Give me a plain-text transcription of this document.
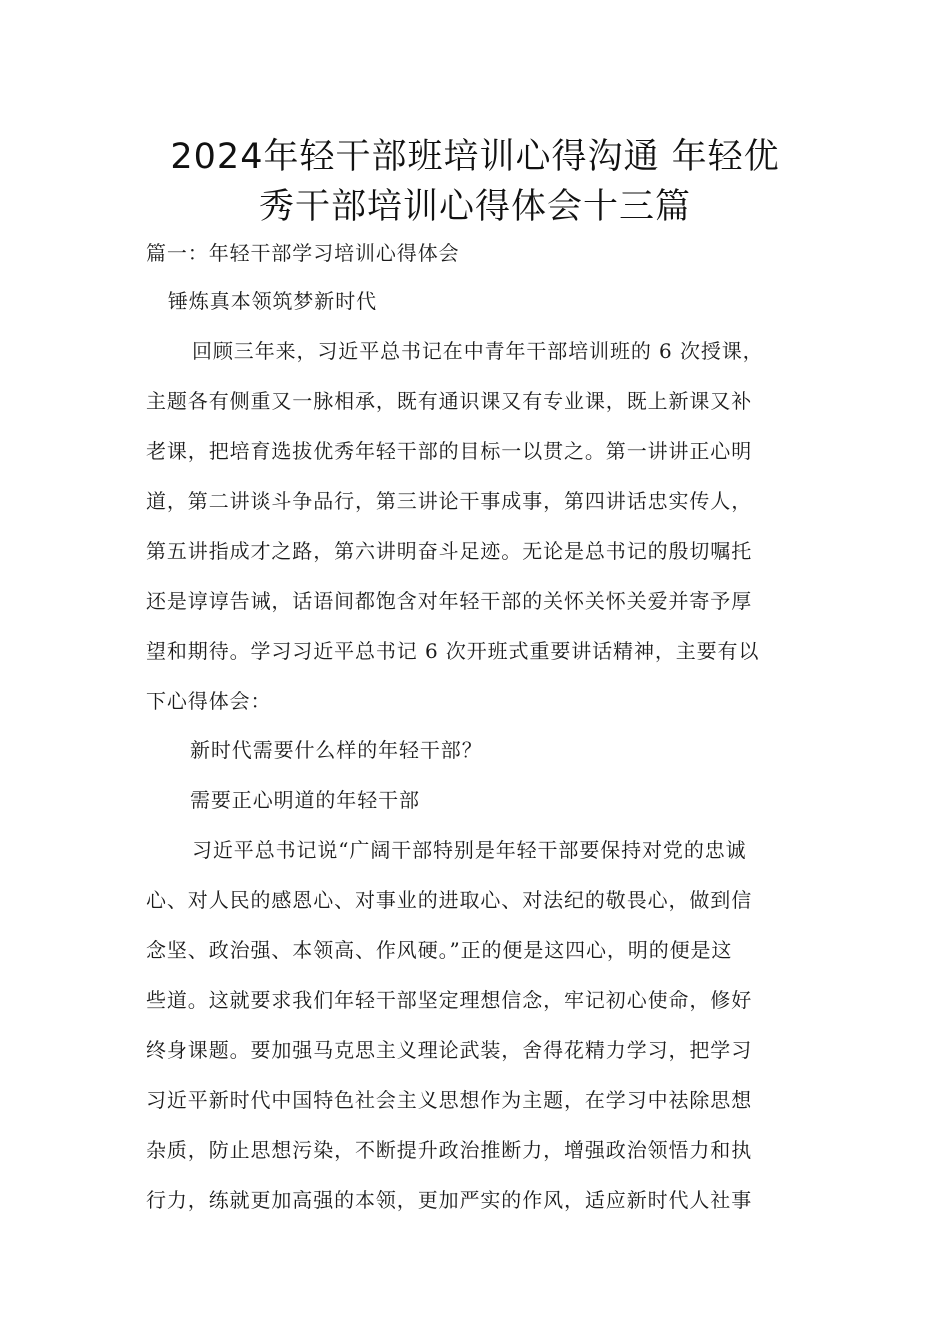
2024年轻干部班培训心得沟通 年轻优
秀干部培训心得体会十三篇
篇一：年轻干部学习培训心得体会
锤炼真本领筑梦新时代
回顾三年来，习近平总书记在中青年干部培训班的 6 次授课，
主题各有侧重又一脉相承，既有通识课又有专业课，既上新课又补
老课，把培育选拔优秀年轻干部的目标一以贯之。第一讲讲正心明
道，第二讲谈斗争品行，第三讲论干事成事，第四讲话忠实传人，
第五讲指成才之路，第六讲明奋斗足迹。无论是总书记的殷切嘱托
还是谆谆告诫，话语间都饱含对年轻干部的关怀关怀关爱并寄予厚
望和期待。学习习近平总书记 6 次开班式重要讲话精神，主要有以
下心得体会：
新时代需要什么样的年轻干部？
需要正心明道的年轻干部
习近平总书记说“广阔干部特别是年轻干部要保持对党的忠诚
心、对人民的感恩心、对事业的进取心、对法纪的敬畏心，做到信
念坚、政治强、本领高、作风硬。”正的便是这四心，明的便是这
些道。这就要求我们年轻干部坚定理想信念，牢记初心使命，修好
终身课题。要加强马克思主义理论武装，舍得花精力学习，把学习
习近平新时代中国特色社会主义思想作为主题，在学习中祛除思想
杂质，防止思想污染，不断提升政治推断力，增强政治领悟力和执
行力，练就更加高强的本领，更加严实的作风，适应新时代人社事
